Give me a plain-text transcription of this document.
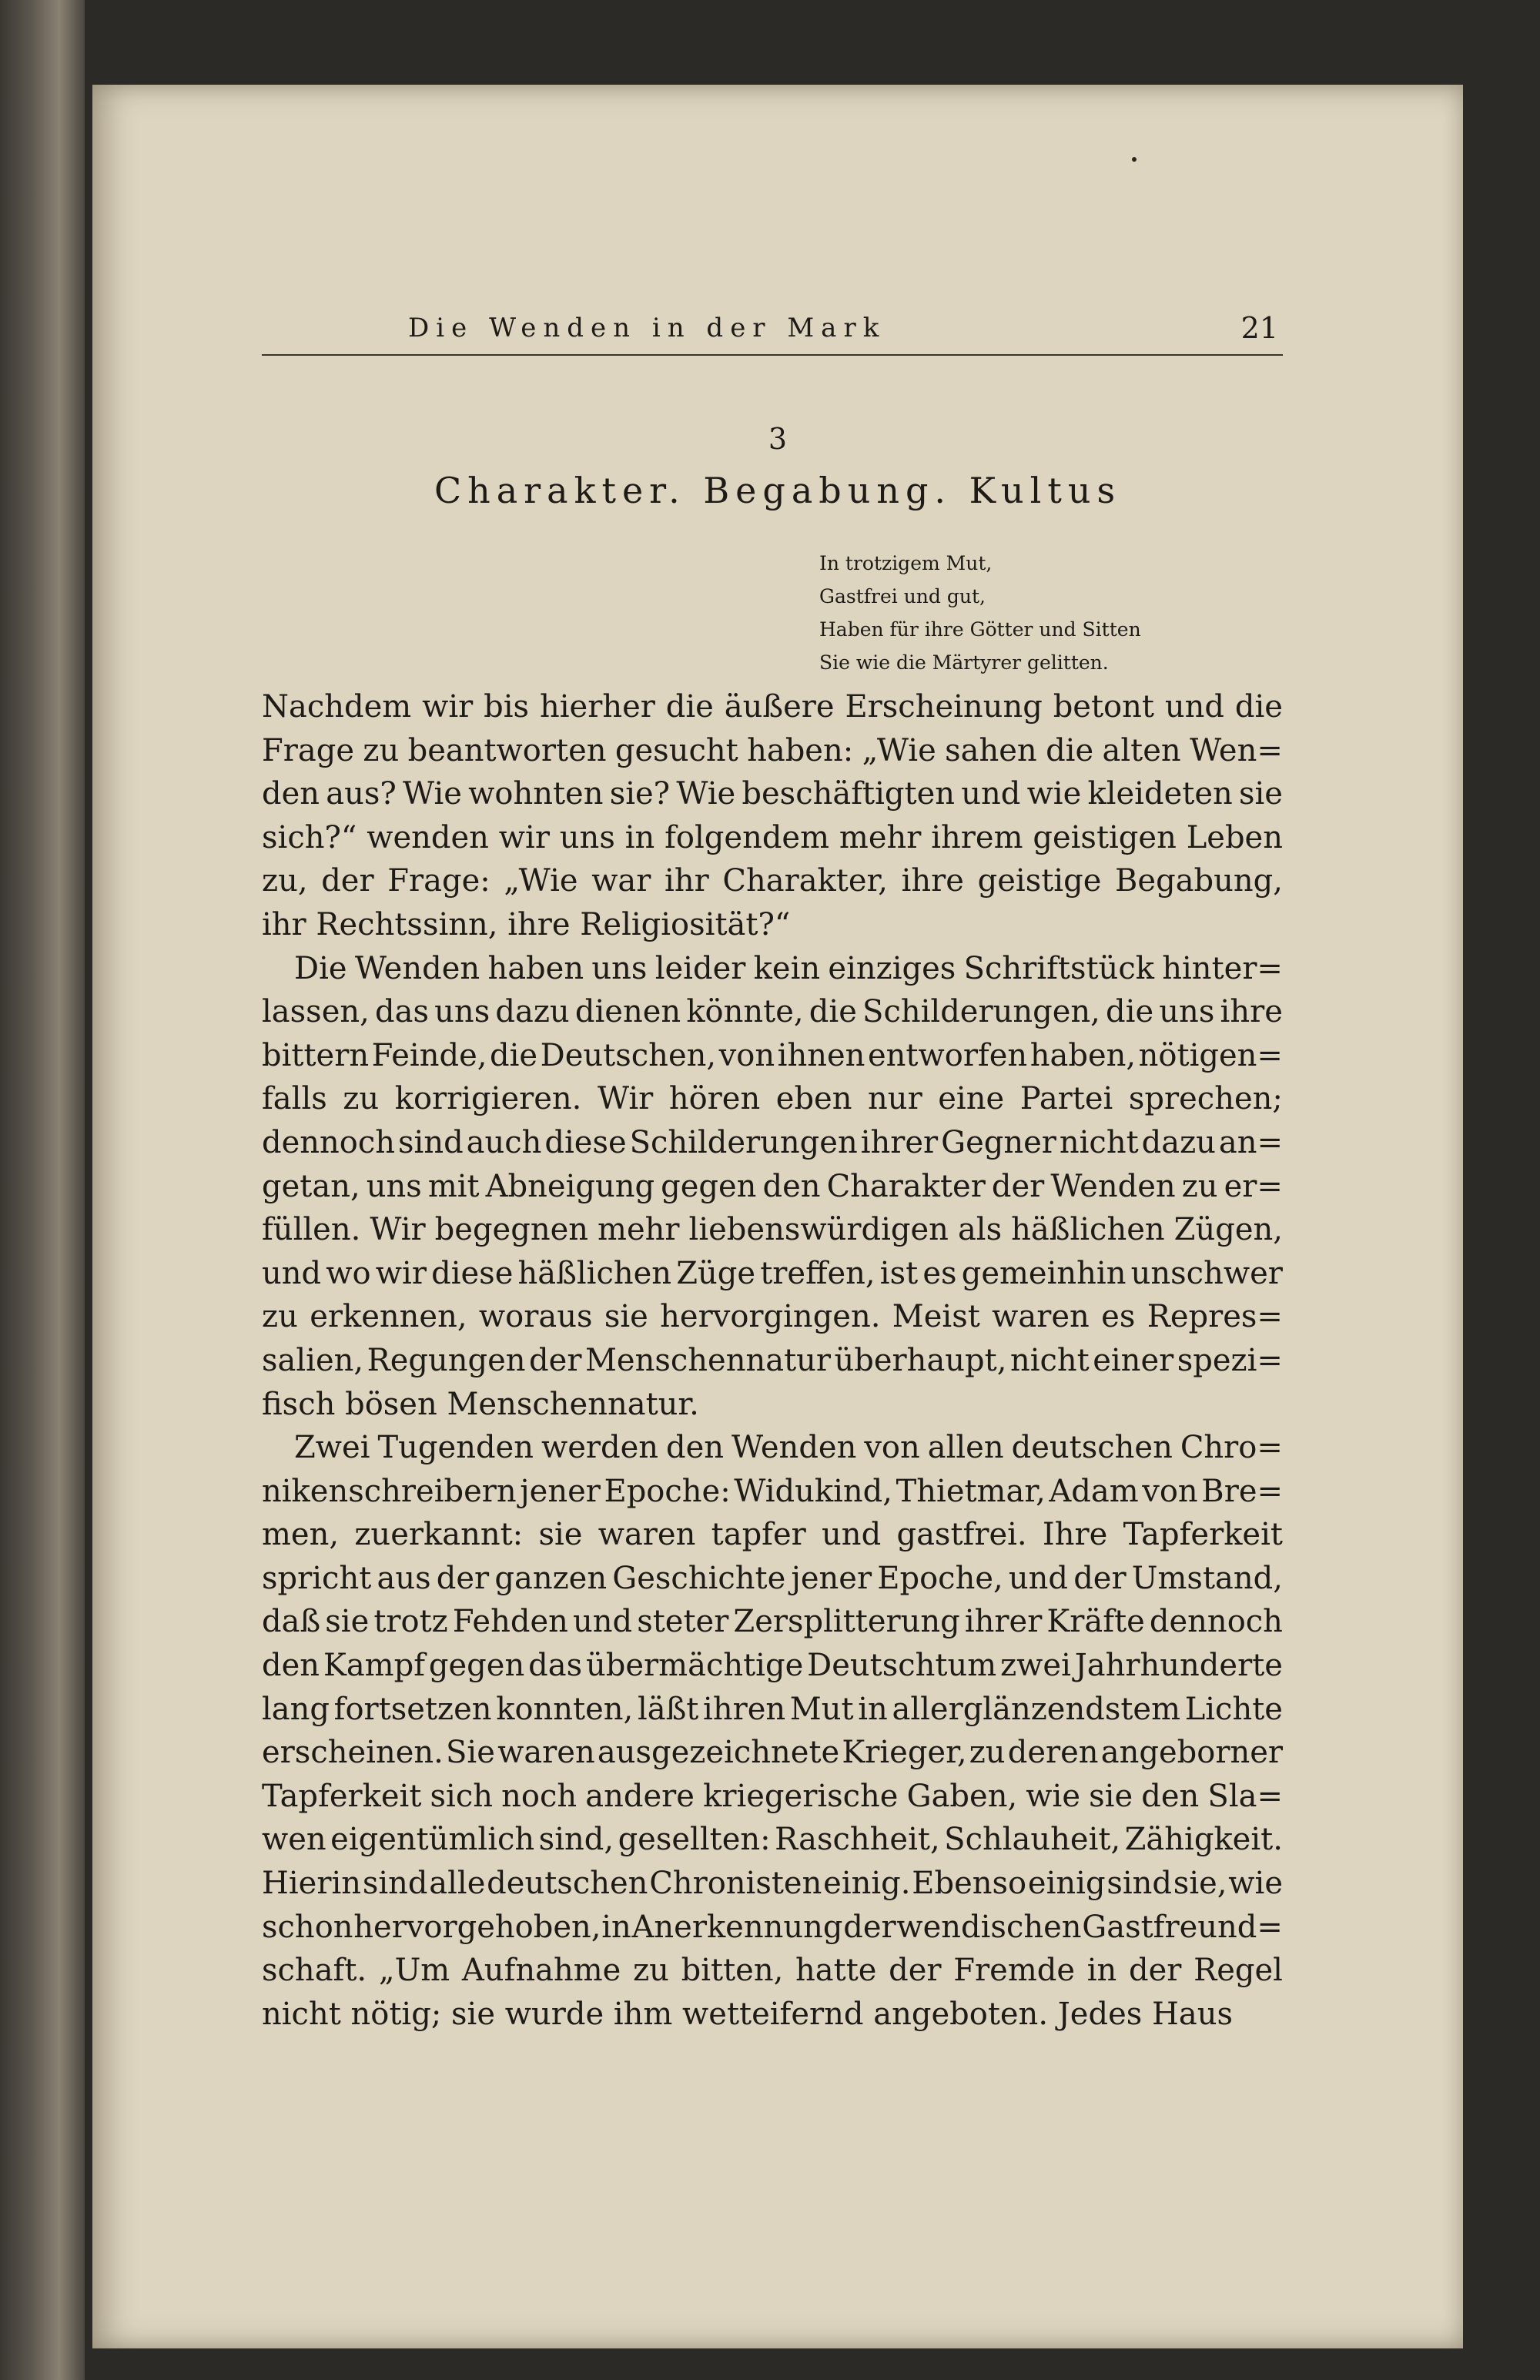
Die Wenden in der Mark	21
3
Charakter. Begabung. Kultus
In trotzigem Mut,
Gastfrei und gut,
Haben für ihre Götter und Sitten
Sie wie die Märtyrer gelitten.
Nachdem wir bis hierher die äußere Erscheinung betont und die
Frage zu beantworten gesucht haben: „Wie sahen die alten Wen=
den aus? Wie wohnten sie? Wie beschäftigten und wie kleideten sie
sich?“ wenden wir uns in folgendem mehr ihrem geistigen Leben
zu, der Frage: „Wie war ihr Charakter, ihre geistige Begabung,
ihr Rechtssinn, ihre Religiosität?“
Die Wenden haben uns leider kein einziges Schriftstück hinter=
lassen, das uns dazu dienen könnte, die Schilderungen, die uns ihre
bittern Feinde, die Deutschen, von ihnen entworfen haben, nötigen=
falls zu korrigieren. Wir hören eben nur eine Partei sprechen;
dennoch sind auch diese Schilderungen ihrer Gegner nicht dazu an=
getan, uns mit Abneigung gegen den Charakter der Wenden zu er=
füllen. Wir begegnen mehr liebenswürdigen als häßlichen Zügen,
und wo wir diese häßlichen Züge treffen, ist es gemeinhin unschwer
zu erkennen, woraus sie hervorgingen. Meist waren es Repres=
salien, Regungen der Menschennatur überhaupt, nicht einer spezi=
fisch bösen Menschennatur.
Zwei Tugenden werden den Wenden von allen deutschen Chro=
nikenschreibern jener Epoche: Widukind, Thietmar, Adam von Bre=
men, zuerkannt: sie waren tapfer und gastfrei. Ihre Tapferkeit
spricht aus der ganzen Geschichte jener Epoche, und der Umstand,
daß sie trotz Fehden und steter Zersplitterung ihrer Kräfte dennoch
den Kampf gegen das übermächtige Deutschtum zwei Jahrhunderte
lang fortsetzen konnten, läßt ihren Mut in allerglänzendstem Lichte
erscheinen. Sie waren ausgezeichnete Krieger, zu deren angeborner
Tapferkeit sich noch andere kriegerische Gaben, wie sie den Sla=
wen eigentümlich sind, gesellten: Raschheit, Schlauheit, Zähigkeit.
Hierin sind alle deutschen Chronisten einig. Ebenso einig sind sie, wie
schon hervorgehoben, in Anerkennung der wendischen Gastfreund=
schaft. „Um Aufnahme zu bitten, hatte der Fremde in der Regel
nicht nötig; sie wurde ihm wetteifernd angeboten. Jedes Haus
